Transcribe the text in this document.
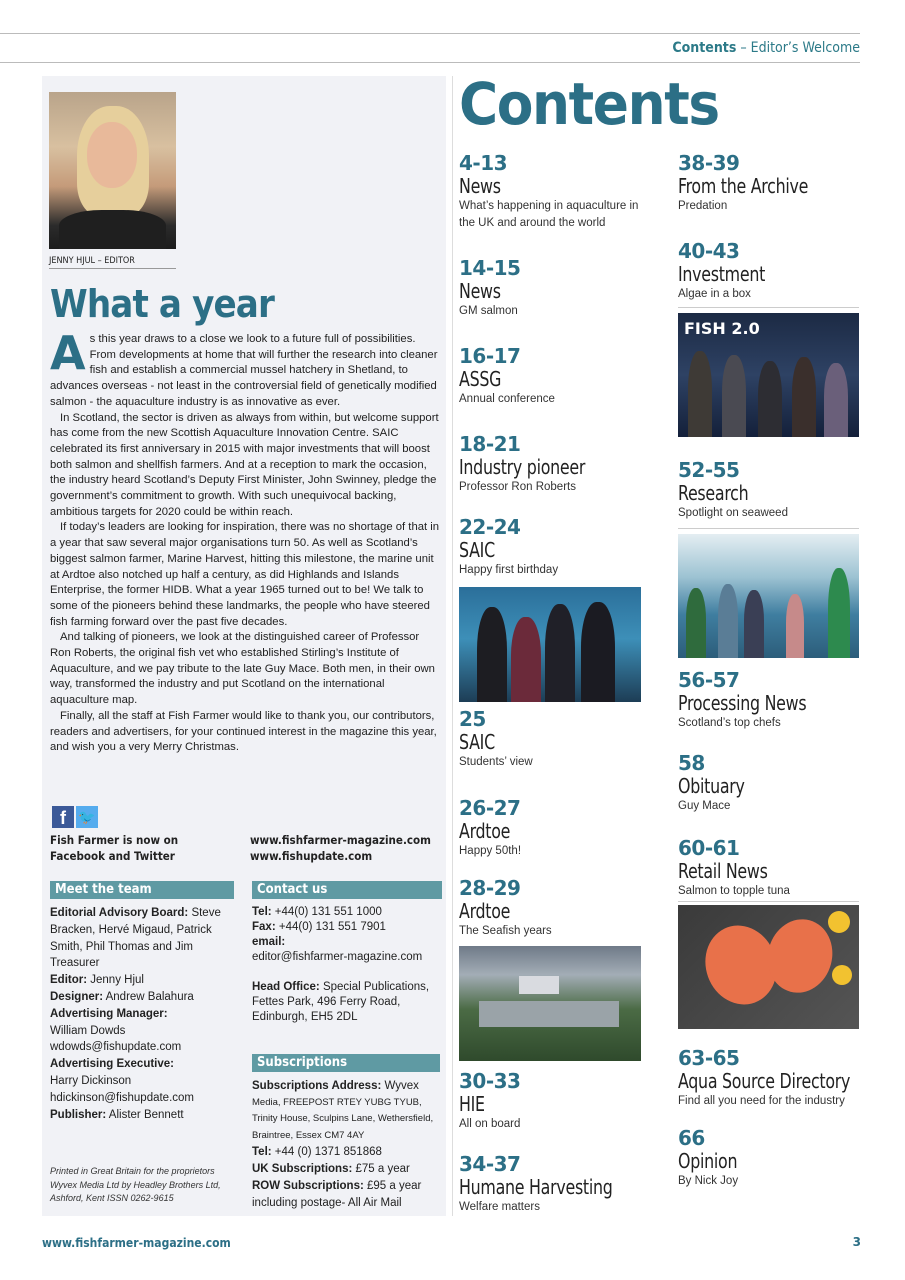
Contents – Editor’s Welcome
JENNY HJUL – EDITOR
What a year

As this year draws to a close we look to a future full of possibilities. From developments at home that will further the research into cleaner fish and establish a commercial mussel hatchery in Shetland, to advances overseas - not least in the controversial field of genetically modified salmon - the aquaculture industry is as innovative as ever.

In Scotland, the sector is driven as always from within, but welcome support has come from the new Scottish Aquaculture Innovation Centre. SAIC celebrated its first anniversary in 2015 with major investments that will boost both salmon and shellfish farmers. And at a reception to mark the occasion, the industry heard Scotland’s Deputy First Minister, John Swinney, pledge the government’s commitment to growth. With such unequivocal backing, ambitious targets for 2020 could be within reach.

If today’s leaders are looking for inspiration, there was no shortage of that in a year that saw several major organisations turn 50. As well as Scotland’s biggest salmon farmer, Marine Harvest, hitting this milestone, the marine unit at Ardtoe also notched up half a century, as did Highlands and Islands Enterprise, the former HIDB. What a year 1965 turned out to be! We talk to some of the pioneers behind these landmarks, the people who have steered fish farming forward over the past five decades.

And talking of pioneers, we look at the distinguished career of Professor Ron Roberts, the original fish vet who established Stirling’s Institute of Aquaculture, and we pay tribute to the late Guy Mace. Both men, in their own way, transformed the industry and put Scotland on the international aquaculture map.

Finally, all the staff at Fish Farmer would like to thank you, our contributors, readers and advertisers, for your continued interest in the magazine this year, and wish you a very Merry Christmas.

f 🐦
Fish Farmer is now on
Facebook and Twitter
www.fishfarmer-magazine.com
www.fishupdate.com
Meet the team	Contact us
Editorial Advisory Board: Steve Bracken, Hervé Migaud, Patrick Smith, Phil Thomas and Jim Treasurer
Editor: Jenny Hjul
Designer: Andrew Balahura
Advertising Manager:
William Dowds
wdowds@fishupdate.com
Advertising Executive:
Harry Dickinson
hdickinson@fishupdate.com
Publisher: Alister Bennett
Tel: +44(0) 131 551 1000
Fax: +44(0) 131 551 7901
email:
editor@fishfarmer-magazine.com
Head Office: Special Publications, Fettes Park, 496 Ferry Road, Edinburgh, EH5 2DL
Subscriptions
Subscriptions Address: Wyvex
Media, FREEPOST RTEY YUBG TYUB, Trinity House, Sculpins Lane, Wethersfield, Braintree, Essex CM7 4AY
Tel: +44 (0) 1371 851868
UK Subscriptions: £75 a year
ROW Subscriptions: £95 a year including postage- All Air Mail
Printed in Great Britain for the proprietors
Wyvex Media Ltd by Headley Brothers Ltd,
Ashford, Kent ISSN 0262-9615
Contents
4-13
News
What’s happening in aquaculture in the UK and around the world
14-15
News
GM salmon
16-17
ASSG
Annual conference
18-21
Industry pioneer
Professor Ron Roberts
22-24
SAIC
Happy first birthday
25
SAIC
Students’ view
26-27
Ardtoe
Happy 50th!
28-29
Ardtoe
The Seafish years
30-33
HIE
All on board
34-37
Humane Harvesting
Welfare matters
38-39
From the Archive
Predation
40-43
Investment
Algae in a box
FISH 2.0
52-55
Research
Spotlight on seaweed
56-57
Processing News
Scotland’s top chefs
58
Obituary
Guy Mace
60-61
Retail News
Salmon to topple tuna
63-65
Aqua Source Directory
Find all you need for the industry
66
Opinion
By Nick Joy
www.fishfarmer-magazine.com	3
